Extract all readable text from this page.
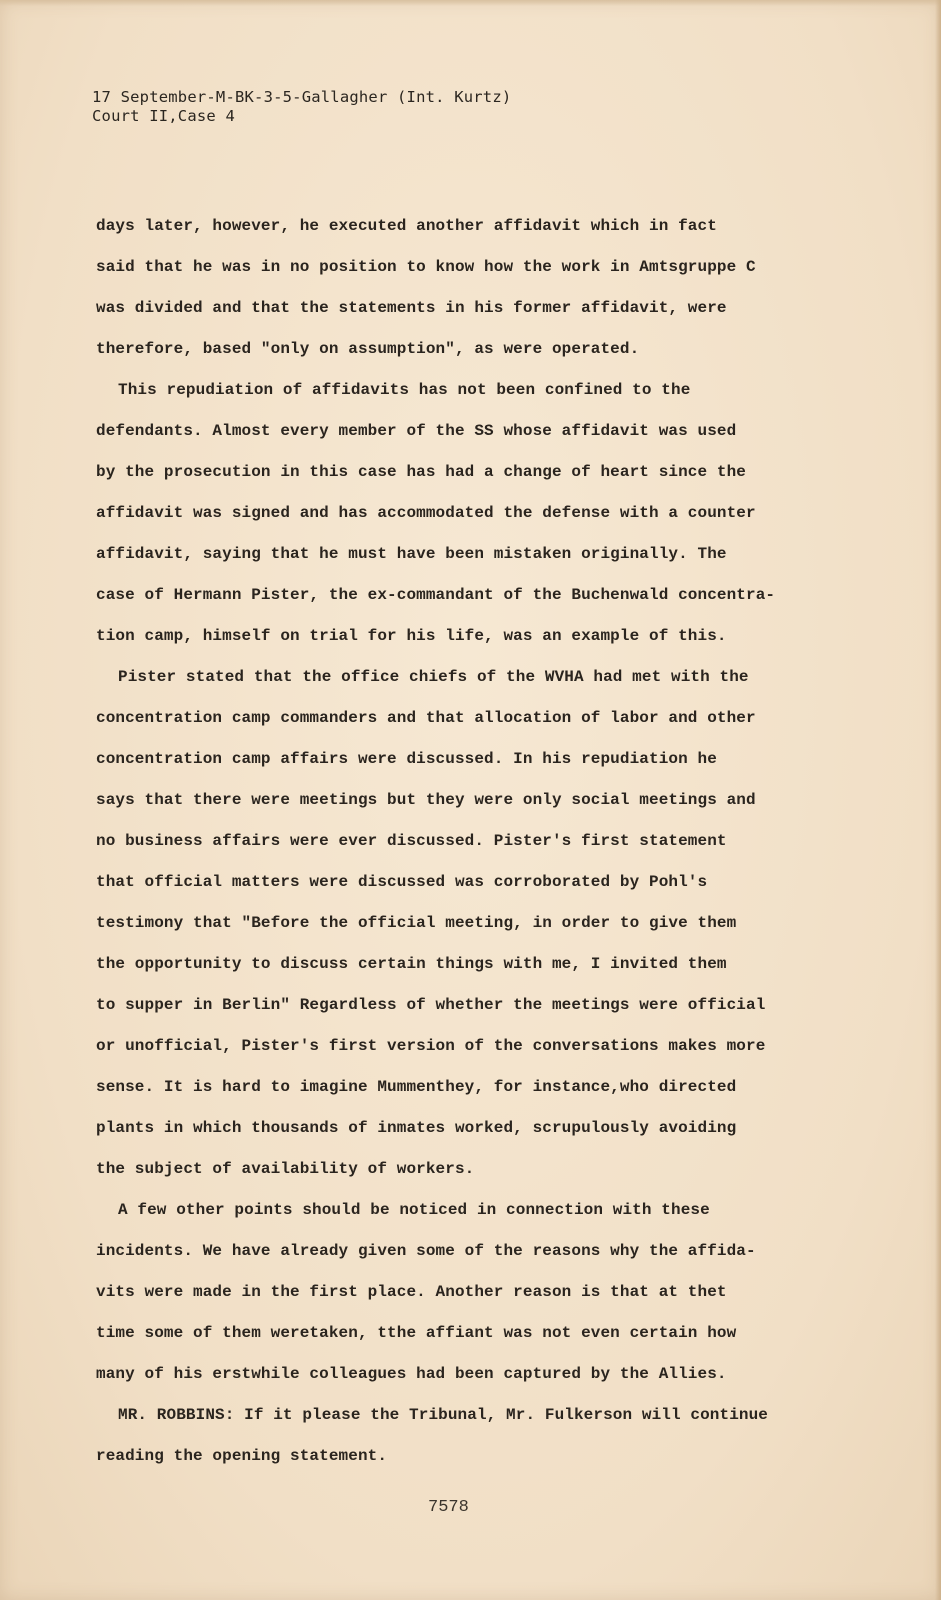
17 September-M-BK-3-5-Gallagher (Int. Kurtz)
Court II,Case 4
days later, however, he executed another affidavit which in fact
said that he was in no position to know how the work in Amtsgruppe C
was divided and that the statements in his former affidavit, were
therefore, based "only on assumption", as were operated.
This repudiation of affidavits has not been confined to the
defendants. Almost every member of the SS whose affidavit was used
by the prosecution in this case has had a change of heart since the
affidavit was signed and has accommodated the defense with a counter
affidavit, saying that he must have been mistaken originally. The
case of Hermann Pister, the ex-commandant of the Buchenwald concentra-
tion camp, himself on trial for his life, was an example of this.
Pister stated that the office chiefs of the WVHA had met with the
concentration camp commanders and that allocation of labor and other
concentration camp affairs were discussed. In his repudiation he
says that there were meetings but they were only social meetings and
no business affairs were ever discussed. Pister's first statement
that official matters were discussed was corroborated by Pohl's
testimony that "Before the official meeting, in order to give them
the opportunity to discuss certain things with me, I invited them
to supper in Berlin" Regardless of whether the meetings were official
or unofficial, Pister's first version of the conversations makes more
sense. It is hard to imagine Mummenthey, for instance,who directed
plants in which thousands of inmates worked, scrupulously avoiding
the subject of availability of workers.
A few other points should be noticed in connection with these
incidents. We have already given some of the reasons why the affida-
vits were made in the first place. Another reason is that at thet
time some of them weretaken, tthe affiant was not even certain how
many of his erstwhile colleagues had been captured by the Allies.
MR. ROBBINS: If it please the Tribunal, Mr. Fulkerson will continue
reading the opening statement.
7578
